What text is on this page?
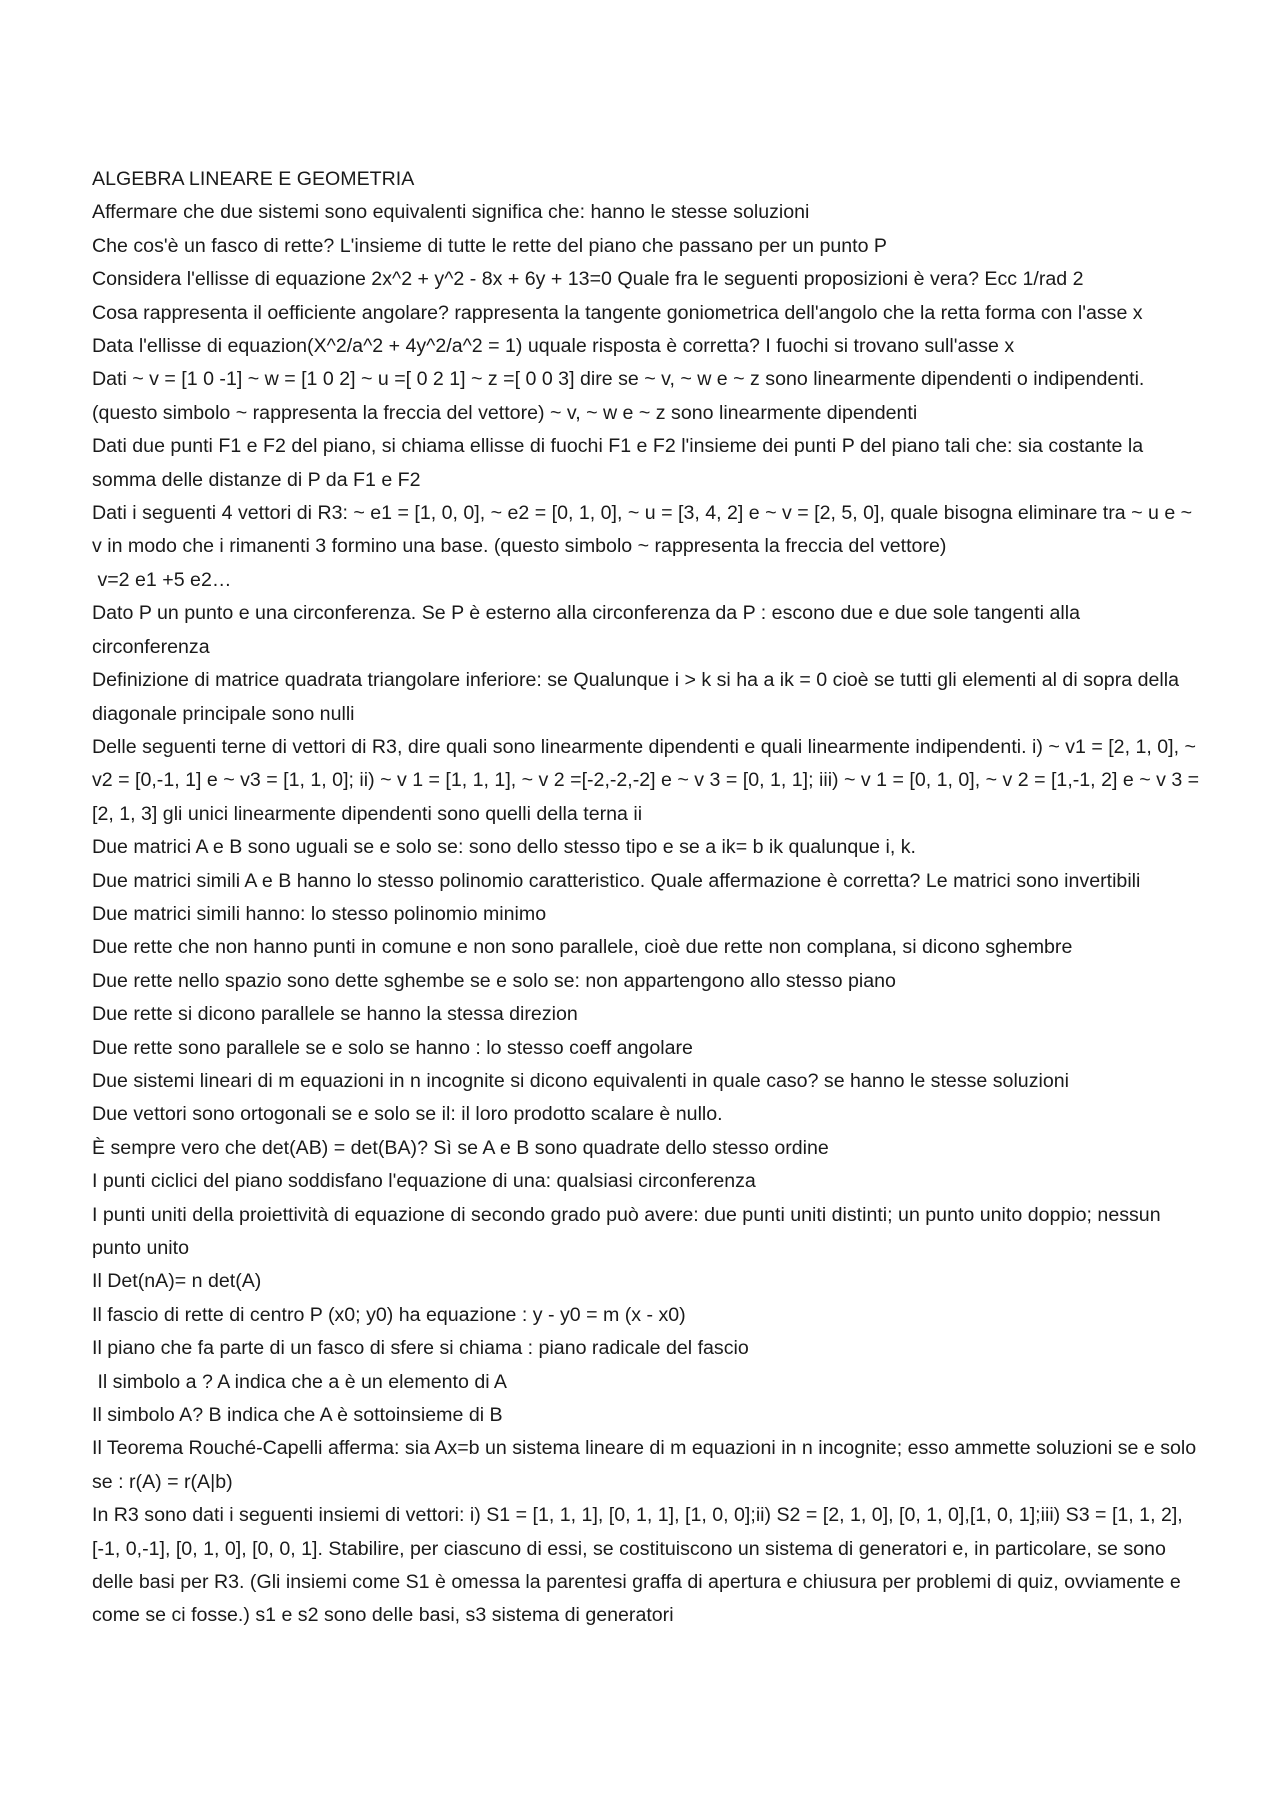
ALGEBRA LINEARE E GEOMETRIA

Affermare che due sistemi sono equivalenti significa che: hanno le stesse soluzioni

Che cos'è un fasco di rette? L'insieme di tutte le rette del piano che passano per un punto P

Considera l'ellisse di equazione 2x^2 + y^2 - 8x + 6y + 13=0 Quale fra le seguenti proposizioni è vera? Ecc 1/rad 2

Cosa rappresenta il oefficiente angolare? rappresenta la tangente goniometrica dell'angolo che la retta forma con l'asse x

Data l'ellisse di equazion(X^2/a^2 + 4y^2/a^2 = 1) uquale risposta è corretta? I fuochi si trovano sull'asse x

Dati ~ v = [1 0 -1] ~ w = [1 0 2] ~ u =[ 0 2 1] ~ z =[ 0 0 3] dire se ~ v, ~ w e ~ z sono linearmente dipendenti o indipendenti. (questo simbolo ~ rappresenta la freccia del vettore) ~ v, ~ w e ~ z sono linearmente dipendenti

Dati due punti F1 e F2 del piano, si chiama ellisse di fuochi F1 e F2 l'insieme dei punti P del piano tali che: sia costante la somma delle distanze di P da F1 e F2

Dati i seguenti 4 vettori di R3: ~ e1 = [1, 0, 0], ~ e2 = [0, 1, 0], ~ u = [3, 4, 2] e ~ v = [2, 5, 0], quale bisogna eliminare tra ~ u e ~ v in modo che i rimanenti 3 formino una base. (questo simbolo ~ rappresenta la freccia del vettore)

v=2 e1 +5 e2…

Dato P un punto e una circonferenza. Se P è esterno alla circonferenza da P : escono due e due sole tangenti alla circonferenza

Definizione di matrice quadrata triangolare inferiore: se Qualunque i > k si ha a ik = 0 cioè se tutti gli elementi al di sopra della diagonale principale sono nulli

Delle seguenti terne di vettori di R3, dire quali sono linearmente dipendenti e quali linearmente indipendenti. i) ~ v1 = [2, 1, 0], ~ v2 = [0,-1, 1] e ~ v3 = [1, 1, 0]; ii) ~ v 1 = [1, 1, 1], ~ v 2 =[-2,-2,-2] e ~ v 3 = [0, 1, 1]; iii) ~ v 1 = [0, 1, 0], ~ v 2 = [1,-1, 2] e ~ v 3 = [2, 1, 3] gli unici linearmente dipendenti sono quelli della terna ii

Due matrici A e B sono uguali se e solo se: sono dello stesso tipo e se a ik= b ik qualunque i, k.

Due matrici simili A e B hanno lo stesso polinomio caratteristico. Quale affermazione è corretta? Le matrici sono invertibili

Due matrici simili hanno: lo stesso polinomio minimo

Due rette che non hanno punti in comune e non sono parallele, cioè due rette non complana, si dicono sghembre

Due rette nello spazio sono dette sghembe se e solo se: non appartengono allo stesso piano

Due rette si dicono parallele se hanno la stessa direzion

Due rette sono parallele se e solo se hanno : lo stesso coeff angolare

Due sistemi lineari di m equazioni in n incognite si dicono equivalenti in quale caso? se hanno le stesse soluzioni

Due vettori sono ortogonali se e solo se il: il loro prodotto scalare è nullo.

È sempre vero che det(AB) = det(BA)? Sì se A e B sono quadrate dello stesso ordine

I punti ciclici del piano soddisfano l'equazione di una: qualsiasi circonferenza

I punti uniti della proiettività di equazione di secondo grado può avere: due punti uniti distinti; un punto unito doppio; nessun punto unito

Il Det(nA)= n det(A)

Il fascio di rette di centro P (x0; y0) ha equazione : y - y0 = m (x - x0)

Il piano che fa parte di un fasco di sfere si chiama : piano radicale del fascio

Il simbolo a ? A indica che a è un elemento di A

Il simbolo A? B indica che A è sottoinsieme di B

Il Teorema Rouché-Capelli afferma: sia Ax=b un sistema lineare di m equazioni in n incognite; esso ammette soluzioni se e solo se : r(A) = r(A|b)

In R3 sono dati i seguenti insiemi di vettori: i) S1 = [1, 1, 1], [0, 1, 1], [1, 0, 0];ii) S2 = [2, 1, 0], [0, 1, 0],[1, 0, 1];iii) S3 = [1, 1, 2],[-1, 0,-1], [0, 1, 0], [0, 0, 1]. Stabilire, per ciascuno di essi, se costituiscono un sistema di generatori e, in particolare, se sono delle basi per R3. (Gli insiemi come S1 è omessa la parentesi graffa di apertura e chiusura per problemi di quiz, ovviamente e come se ci fosse.) s1 e s2 sono delle basi, s3 sistema di generatori
